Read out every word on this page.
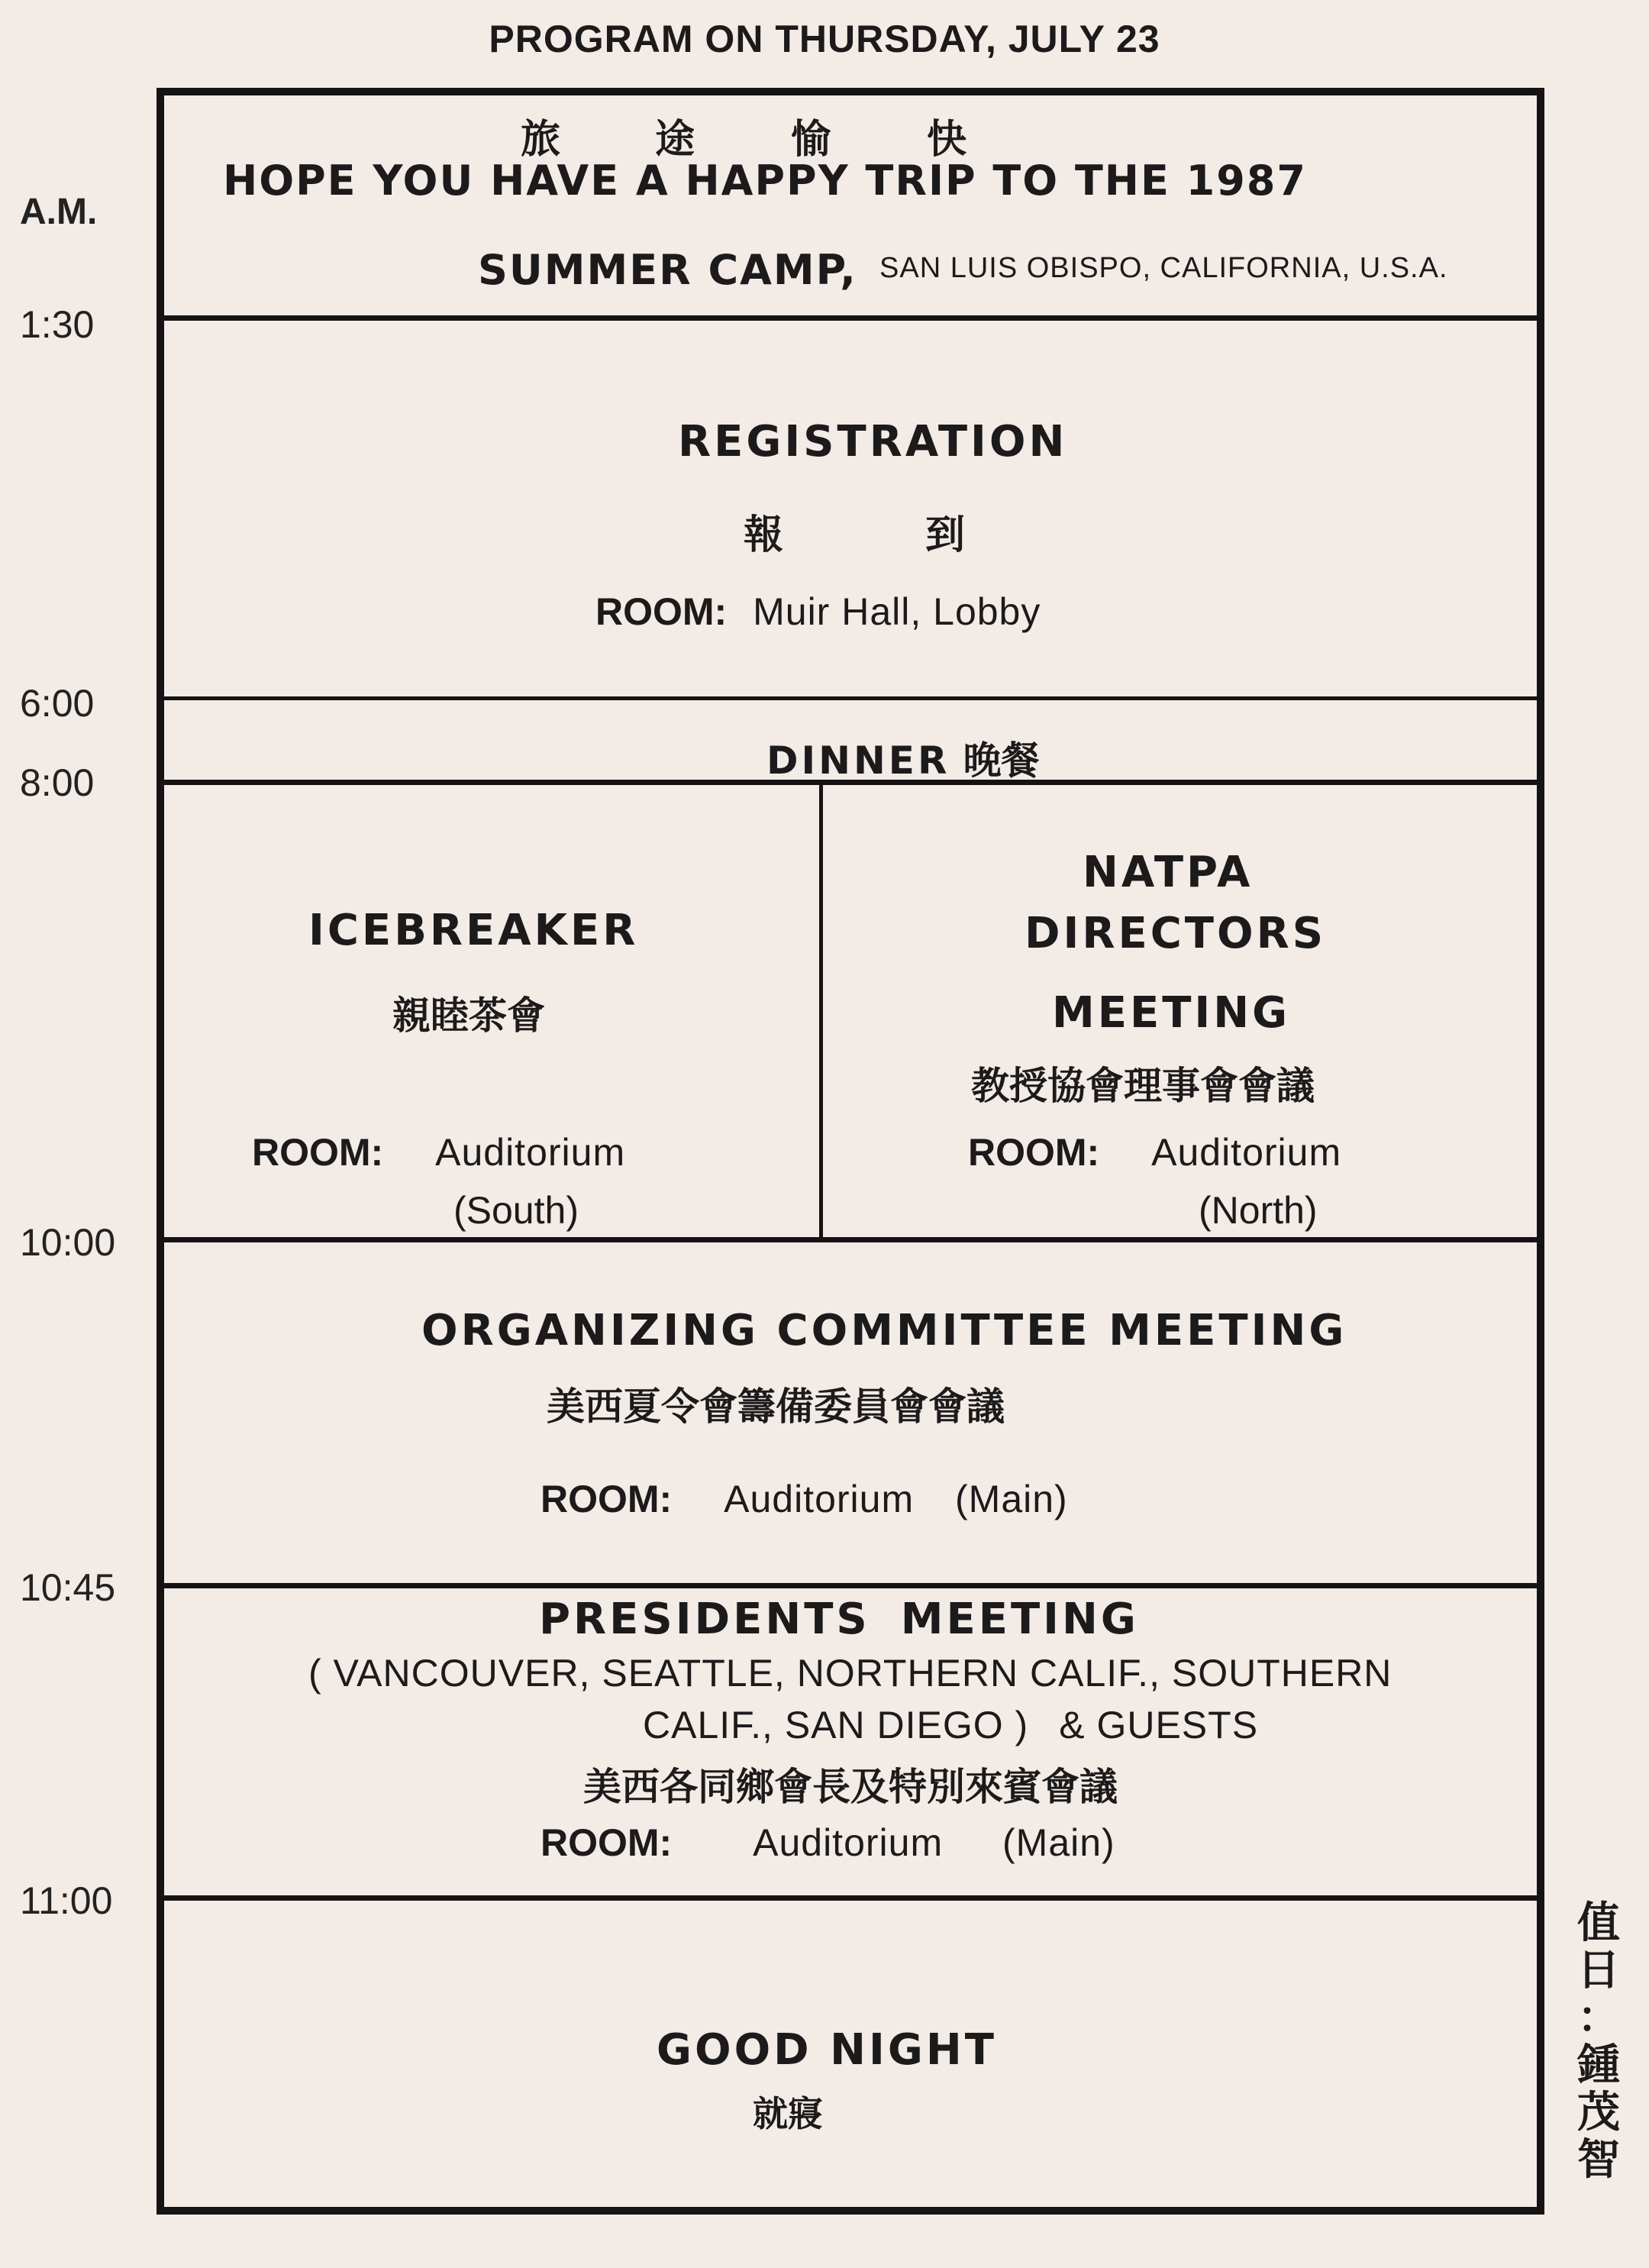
PROGRAM ON THURSDAY, JULY 23
A.M.
1:30
6:00
8:00
10:00
10:45
11:00
旅 途 愉 快
HOPE YOU HAVE A HAPPY TRIP TO THE 1987
SUMMER CAMP, SAN LUIS OBISPO, CALIFORNIA, U.S.A.
REGISTRATION
報	到
ROOM: Muir Hall, Lobby
DINNER 晚餐
ICEBREAKER
親睦茶會
ROOM: Auditorium
(South)
NATPA
DIRECTORS
MEETING
教授協會理事會會議
ROOM: Auditorium
(North)
ORGANIZING COMMITTEE MEETING
美西夏令會籌備委員會會議
ROOM: Auditorium (Main)
PRESIDENTS MEETING
( VANCOUVER, SEATTLE, NORTHERN CALIF., SOUTHERN
CALIF., SAN DIEGO ) & GUESTS
美西各同鄉會長及特別來賓會議
ROOM: Auditorium (Main)
GOOD NIGHT
就寢
值
日
：
鍾
茂
智
